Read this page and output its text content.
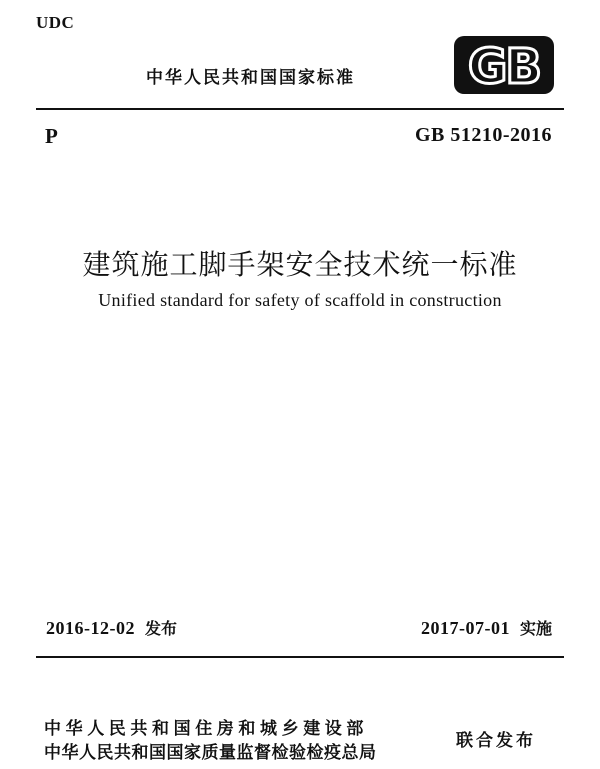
UDC
中华人民共和国国家标准 GB
P	GB 51210-2016
建筑施工脚手架安全技术统一标准
Unified standard for safety of scaffold in construction
2016-12-02 发布	2017-07-01 实施
中华人民共和国住房和城乡建设部
中华人民共和国国家质量监督检验检疫总局
联合发布
